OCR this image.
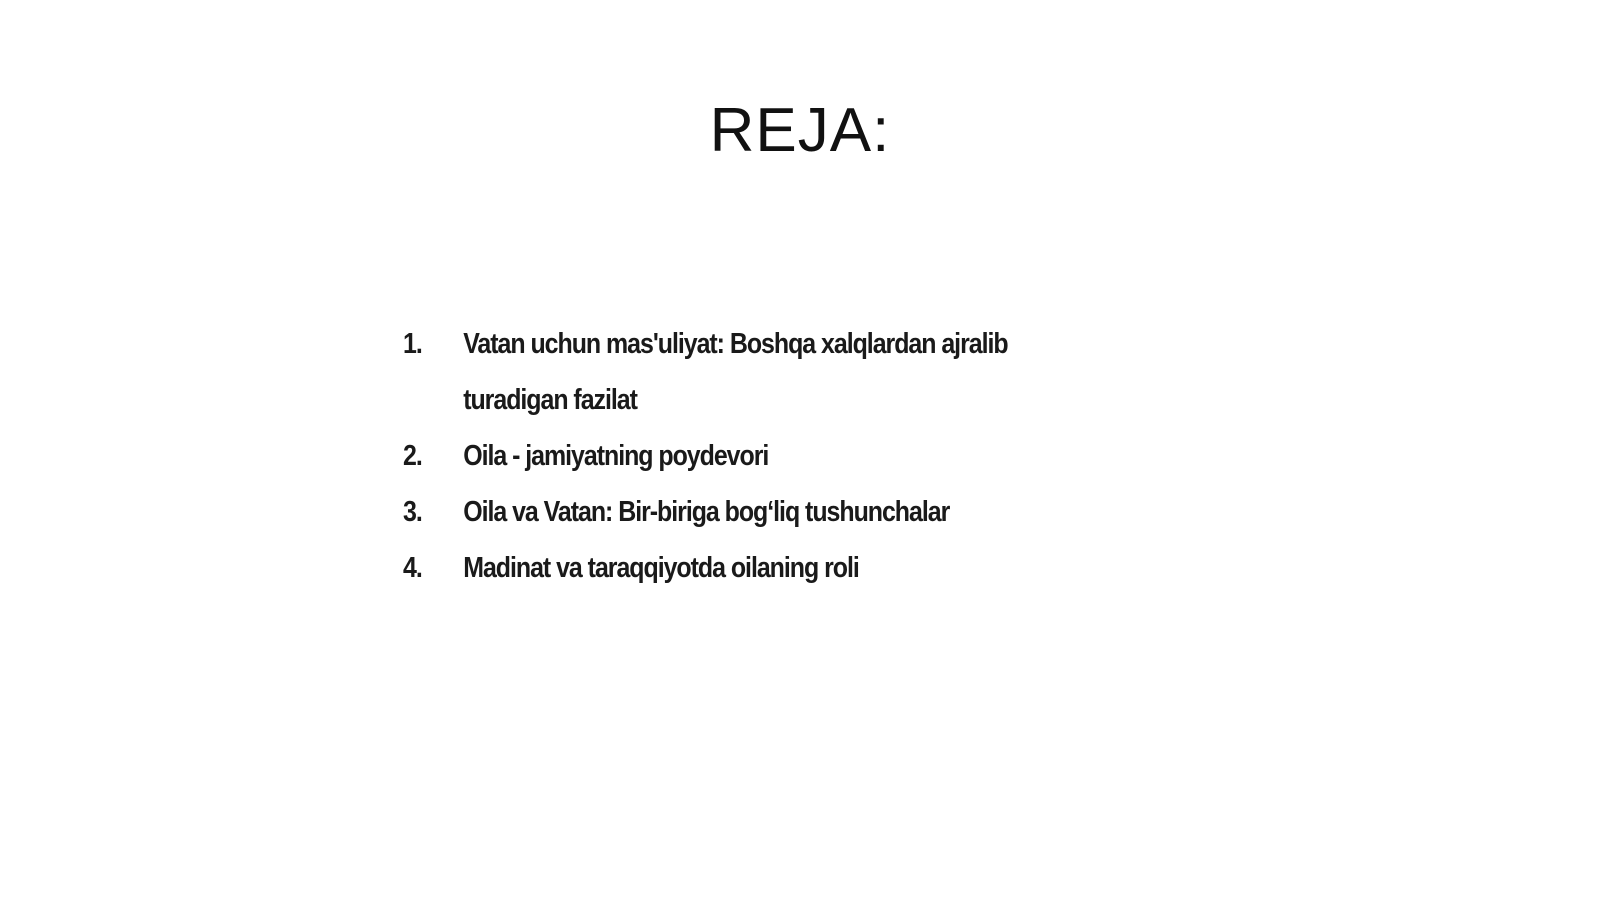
REJA:
1.	Vatan uchun mas'uliyat: Boshqa xalqlardan ajralib turadigan fazilat
2.	Oila - jamiyatning poydevori
3.	Oila va Vatan: Bir-biriga bog‘liq tushunchalar
4.	Madinat va taraqqiyotda oilaning roli
